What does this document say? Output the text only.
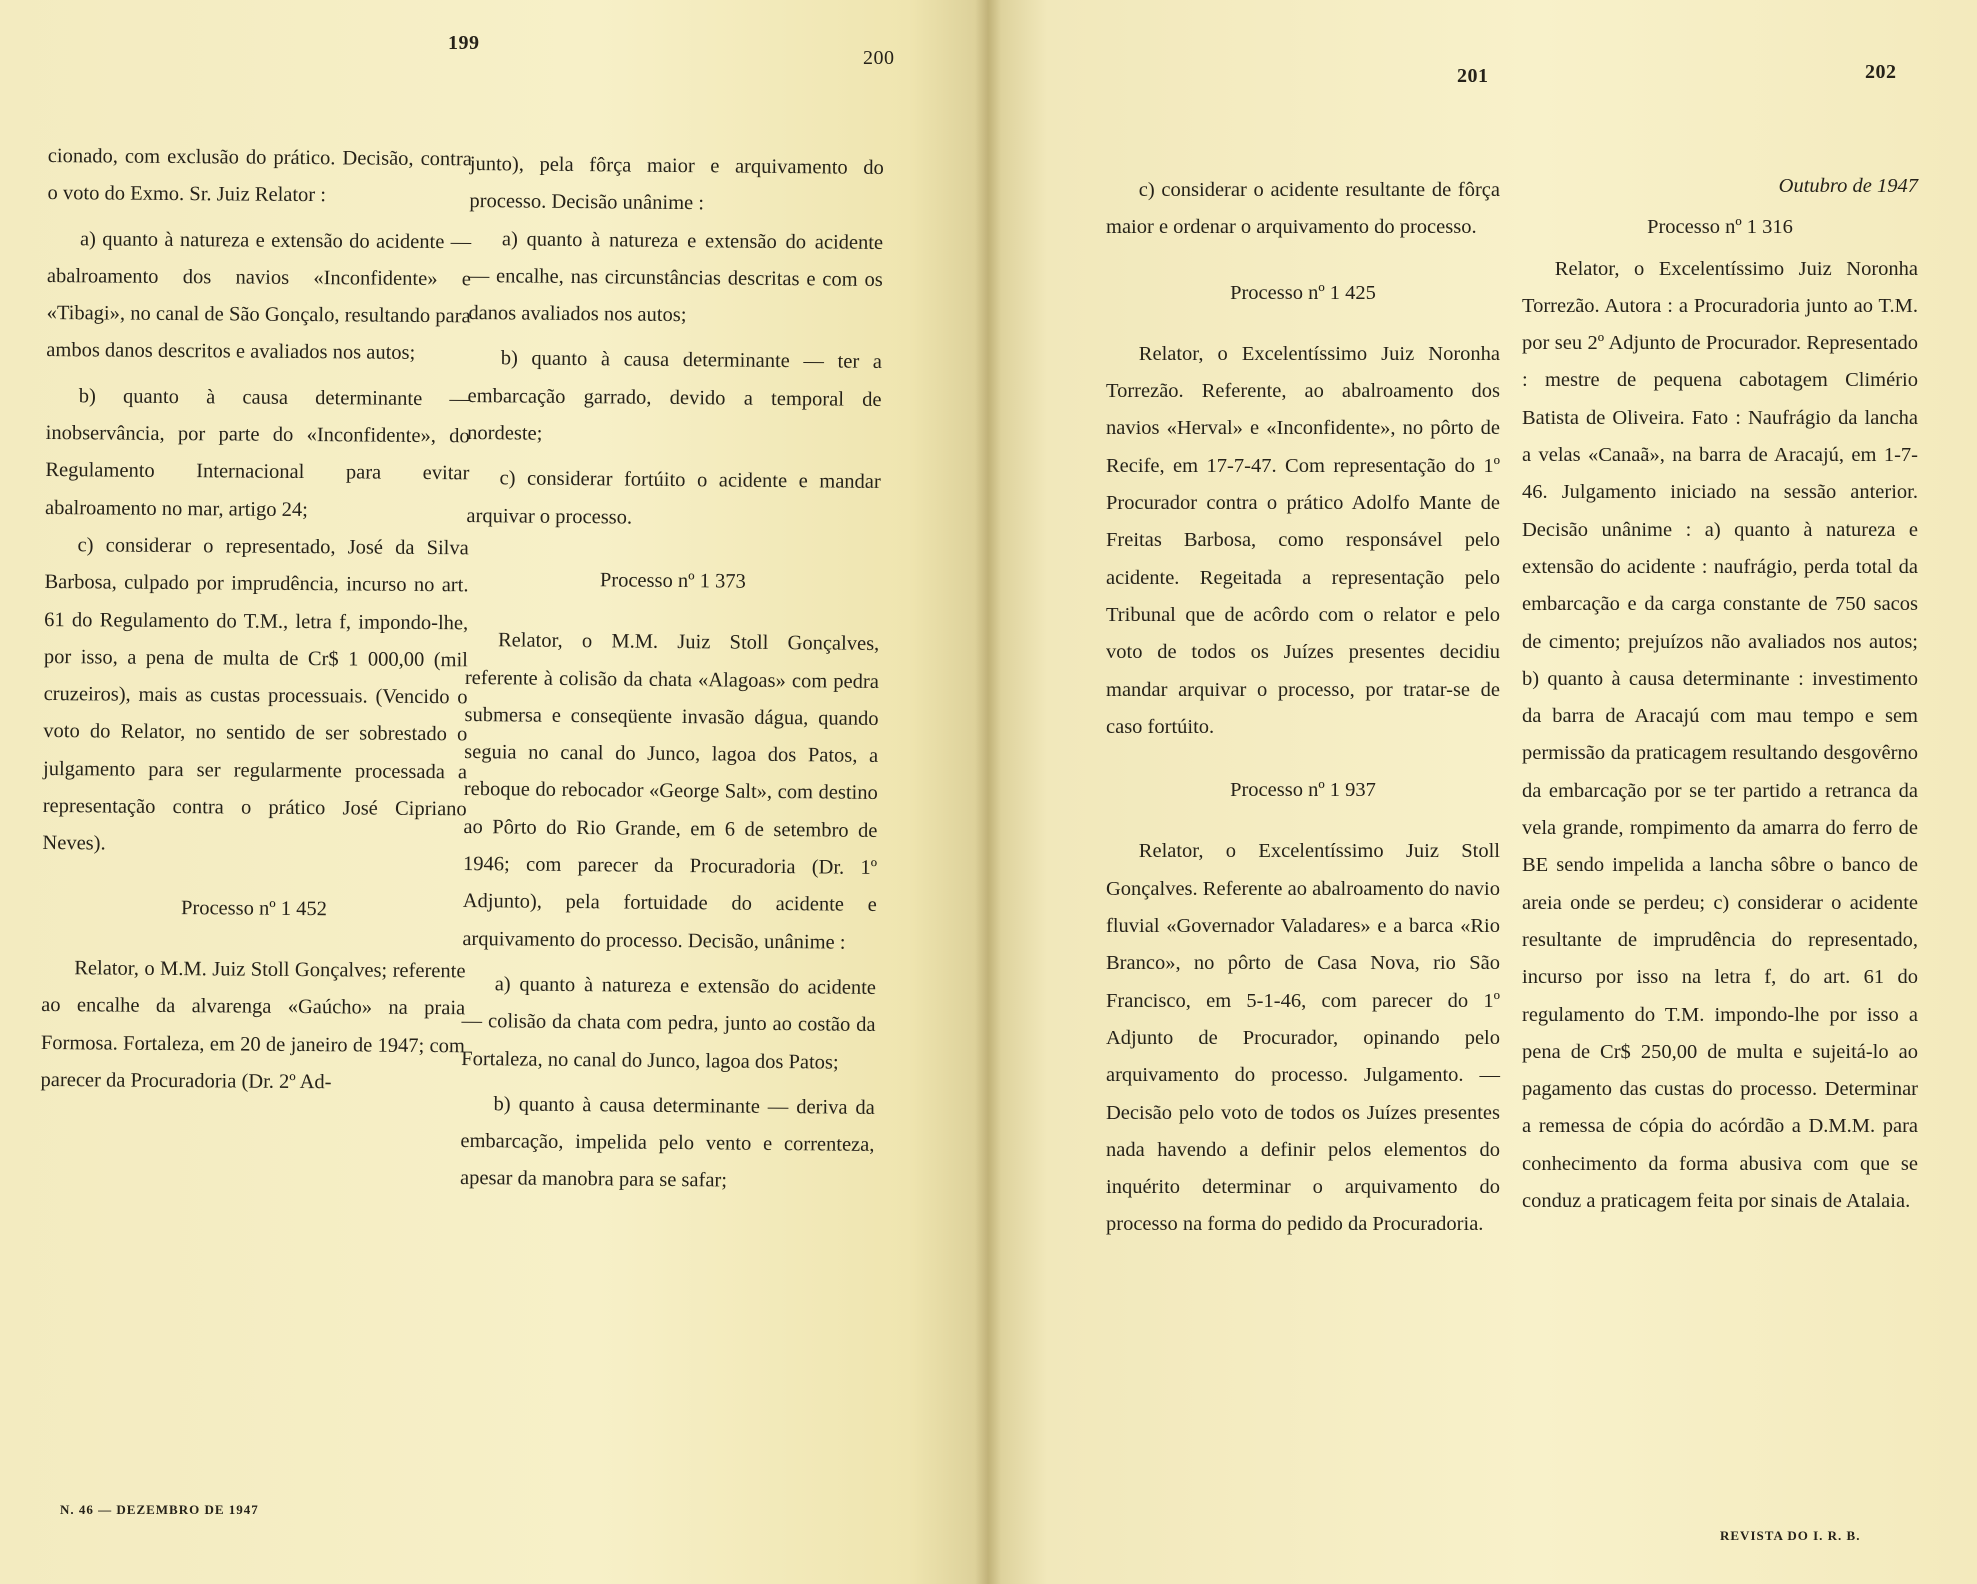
199
200
201	202

cionado, com exclusão do prático. Decisão, contra o voto do Exmo. Sr. Juiz Relator :

a) quanto à natureza e extensão do acidente — abalroamento dos navios «Inconfidente» e «Tibagi», no canal de São Gonçalo, resultando para ambos danos descritos e avaliados nos autos;

b) quanto à causa determinante — inobservância, por parte do «Inconfidente», do Regulamento Internacional para evitar abalroamento no mar, artigo 24;

c) considerar o representado, José da Silva Barbosa, culpado por imprudência, incurso no art. 61 do Regulamento do T.M., letra f, impondo-lhe, por isso, a pena de multa de Cr$ 1 000,00 (mil cruzeiros), mais as custas processuais. (Vencido o voto do Relator, no sentido de ser sobrestado o julgamento para ser regularmente processada a representação contra o prático José Cipriano Neves).

Processo nº 1 452

Relator, o M.M. Juiz Stoll Gonçalves; referente ao encalhe da alvarenga «Gaúcho» na praia Formosa. Fortaleza, em 20 de janeiro de 1947; com parecer da Procuradoria (Dr. 2º Ad-

junto), pela fôrça maior e arquivamento do processo. Decisão unânime :

a) quanto à natureza e extensão do acidente — encalhe, nas circunstâncias descritas e com os danos avaliados nos autos;

b) quanto à causa determinante — ter a embarcação garrado, devido a temporal de nordeste;

c) considerar fortúito o acidente e mandar arquivar o processo.

Processo nº 1 373

Relator, o M.M. Juiz Stoll Gonçalves, referente à colisão da chata «Alagoas» com pedra submersa e conseqüente invasão dágua, quando seguia no canal do Junco, lagoa dos Patos, a reboque do rebocador «George Salt», com destino ao Pôrto do Rio Grande, em 6 de setembro de 1946; com parecer da Procuradoria (Dr. 1º Adjunto), pela fortuidade do acidente e arquivamento do processo. Decisão, unânime :

a) quanto à natureza e extensão do acidente — colisão da chata com pedra, junto ao costão da Fortaleza, no canal do Junco, lagoa dos Patos;

b) quanto à causa determinante — deriva da embarcação, impelida pelo vento e correnteza, apesar da manobra para se safar;

c) considerar o acidente resultante de fôrça maior e ordenar o arquivamento do processo.

Processo nº 1 425

Relator, o Excelentíssimo Juiz Noronha Torrezão. Referente, ao abalroamento dos navios «Herval» e «Inconfidente», no pôrto de Recife, em 17-7-47. Com representação do 1º Procurador contra o prático Adolfo Mante de Freitas Barbosa, como responsável pelo acidente. Regeitada a representação pelo Tribunal que de acôrdo com o relator e pelo voto de todos os Juízes presentes decidiu mandar arquivar o processo, por tratar-se de caso fortúito.

Processo nº 1 937

Relator, o Excelentíssimo Juiz Stoll Gonçalves. Referente ao abalroamento do navio fluvial «Governador Valadares» e a barca «Rio Branco», no pôrto de Casa Nova, rio São Francisco, em 5-1-46, com parecer do 1º Adjunto de Procurador, opinando pelo arquivamento do processo. Julgamento. — Decisão pelo voto de todos os Juízes presentes nada havendo a definir pelos elementos do inquérito determinar o arquivamento do processo na forma do pedido da Procuradoria.

Outubro de 1947

Processo nº 1 316

Relator, o Excelentíssimo Juiz Noronha Torrezão. Autora : a Procuradoria junto ao T.M. por seu 2º Adjunto de Procurador. Representado : mestre de pequena cabotagem Climério Batista de Oliveira. Fato : Naufrágio da lancha a velas «Canaã», na barra de Aracajú, em 1-7-46. Julgamento iniciado na sessão anterior. Decisão unânime : a) quanto à natureza e extensão do acidente : naufrágio, perda total da embarcação e da carga constante de 750 sacos de cimento; prejuízos não avaliados nos autos; b) quanto à causa determinante : investimento da barra de Aracajú com mau tempo e sem permissão da praticagem resultando desgovêrno da embarcação por se ter partido a retranca da vela grande, rompimento da amarra do ferro de BE sendo impelida a lancha sôbre o banco de areia onde se perdeu; c) considerar o acidente resultante de imprudência do representado, incurso por isso na letra f, do art. 61 do regulamento do T.M. impondo-lhe por isso a pena de Cr$ 250,00 de multa e sujeitá-lo ao pagamento das custas do processo. Determinar a remessa de cópia do acórdão a D.M.M. para conhecimento da forma abusiva com que se conduz a praticagem feita por sinais de Atalaia.

N. 46 — DEZEMBRO DE 1947
REVISTA DO I. R. B.
